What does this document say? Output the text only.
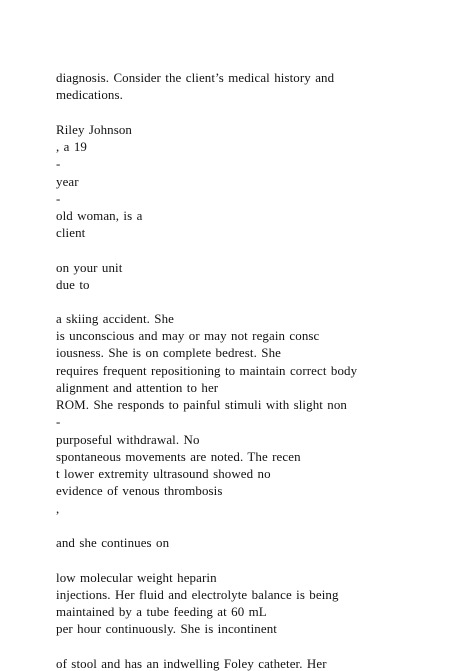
diagnosis. Consider the client’s medical history and

medications.

Riley Johnson

, a 19

-

year

-

old woman, is a

client

on your unit

due to

a skiing accident. She

is unconscious and may or may not regain consc

iousness. She is on complete bedrest. She

requires frequent repositioning to maintain correct body

alignment and attention to her

ROM. She responds to painful stimuli with slight non

-

purposeful withdrawal. No

spontaneous movements are noted. The recen

t lower extremity ultrasound showed no

evidence of venous thrombosis

,

and she continues on

low molecular weight heparin

injections. Her fluid and electrolyte balance is being

maintained by a tube feeding at 60 mL

per hour continuously. She is incontinent

of stool and has an indwelling Foley catheter. Her
